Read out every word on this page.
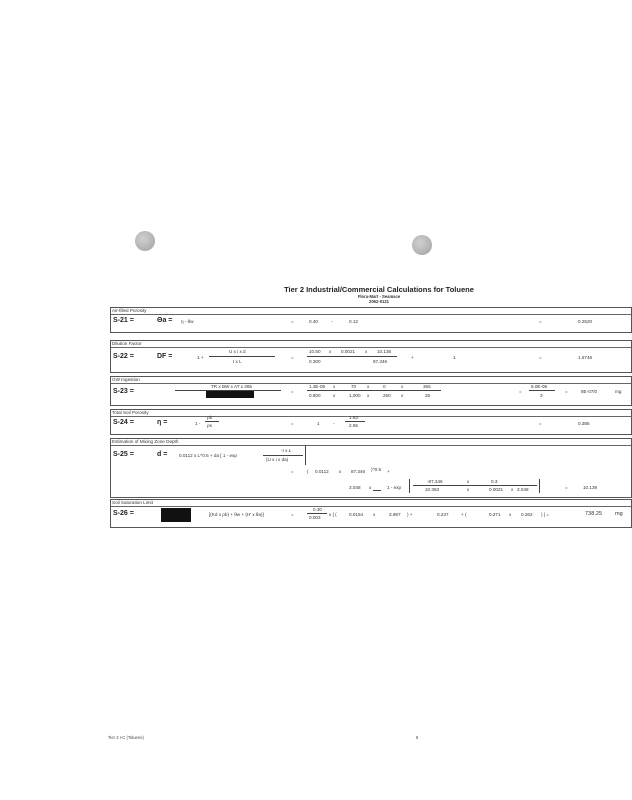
Tier 2 Industrial/Commercial Calculations for Toluene
Flora-Mart - Seamace
2062-0121
Air-filled Porosity
S-21 =	Θa = η - θw	=	0.40	-	0.12	=	0.2520
Dilution Factor
S-22 =	DF =	1 +
U x i x d
I x L
=
10.50 x 0.0021 x 10.135
0.300	87.346
+	1	=	1.5746
GW Ingestion
S-23 =
TR x BW x AT x 365
=
1.3E-05 x	70 x	0	x	365
0.800	x	1,000 x	250 x	25
=
8.0E-06
3
=	8E-07/0	mg
Total Soil Porosity
S-24 =	η =	1 -
ρb
ρs	=	1	-
1.63
2.65	=	0.385
Estimation of Mixing Zone Depth
S-25 =	d =	0.0112 x L^0.5 + da [ 1 - exp
-I x L
(U x i x da)
=	( 0.0112 x 87.346 )^0.5 +
3.048 x	1 - exp
-87.346	x	0.3
10.363	x	0.0021 x 3.048	=	10.139
Soil Saturation Limit
S-26 =	[(Kd x ρb) + θw + (H' x θa)]	=
0.30
0.003
x [ (	0.0154 x	3.987 ) +	0.237	+ (	0.271 x 0.262 ) ] =	738.25 mg
Tier 2 I-C (Toluene)	8
